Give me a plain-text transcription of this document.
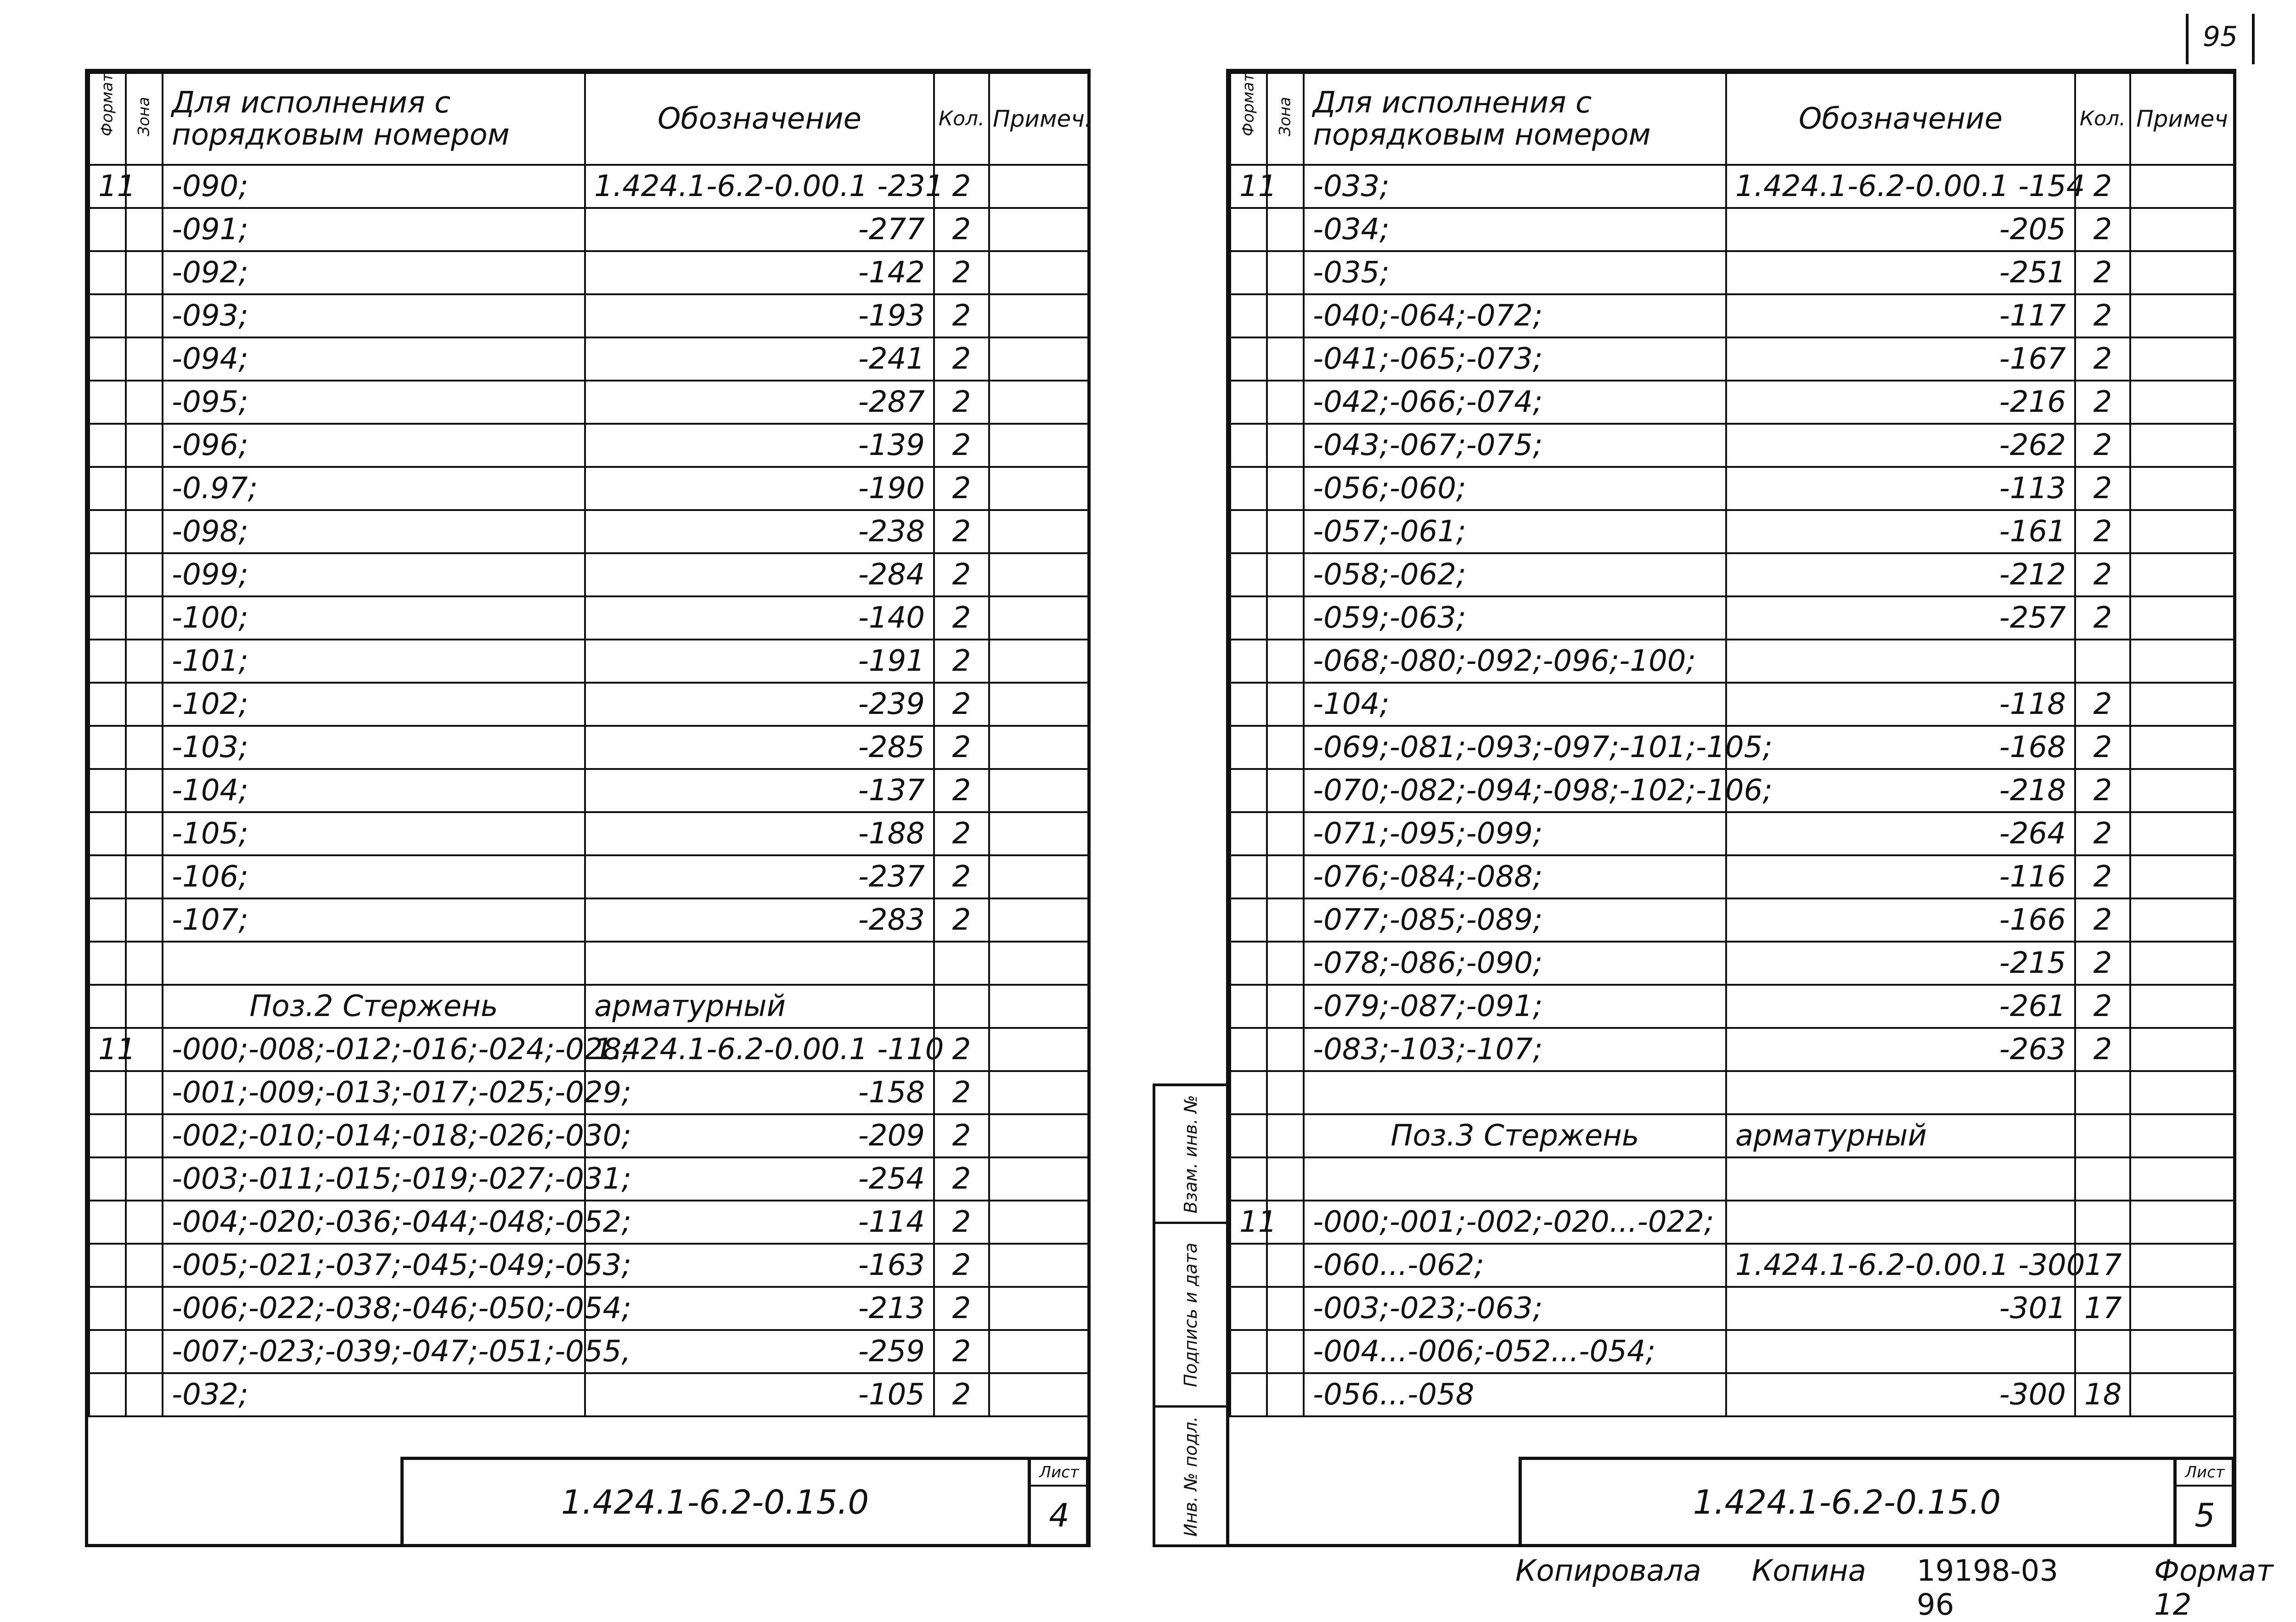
95
Формат	Зона	Для исполнения с порядковым номером	Обозначение	Кол.	Примеч.
11		-090;	1.424.1-6.2-0.00.1 -231	2	
		-091;	-277	2	
		-092;	-142	2	
		-093;	-193	2	
		-094;	-241	2	
		-095;	-287	2	
		-096;	-139	2	
		-0.97;	-190	2	
		-098;	-238	2	
		-099;	-284	2	
		-100;	-140	2	
		-101;	-191	2	
		-102;	-239	2	
		-103;	-285	2	
		-104;	-137	2	
		-105;	-188	2	
		-106;	-237	2	
		-107;	-283	2	

		Поз.2 Стержень	арматурный		
11		-000;-008;-012;-016;-024;-028;	1.424.1-6.2-0.00.1 -110	2	
		-001;-009;-013;-017;-025;-029;	-158	2	
		-002;-010;-014;-018;-026;-030;	-209	2	
		-003;-011;-015;-019;-027;-031;	-254	2	
		-004;-020;-036;-044;-048;-052;	-114	2	
		-005;-021;-037;-045;-049;-053;	-163	2	
		-006;-022;-038;-046;-050;-054;	-213	2	
		-007;-023;-039;-047;-051;-055,	-259	2	
		-032;	-105	2	
1.424.1-6.2-0.15.0
Лист
4
Взам. инв. №
Подпись и дата
Инв. № подл.
Формат	Зона	Для исполнения с порядковым номером	Обозначение	Кол.	Примеч
11		-033;	1.424.1-6.2-0.00.1 -154	2	
		-034;	-205	2	
		-035;	-251	2	
		-040;-064;-072;	-117	2	
		-041;-065;-073;	-167	2	
		-042;-066;-074;	-216	2	
		-043;-067;-075;	-262	2	
		-056;-060;	-113	2	
		-057;-061;	-161	2	
		-058;-062;	-212	2	
		-059;-063;	-257	2	
		-068;-080;-092;-096;-100;			
		-104;	-118	2	
		-069;-081;-093;-097;-101;-105;	-168	2	
		-070;-082;-094;-098;-102;-106;	-218	2	
		-071;-095;-099;	-264	2	
		-076;-084;-088;	-116	2	
		-077;-085;-089;	-166	2	
		-078;-086;-090;	-215	2	
		-079;-087;-091;	-261	2	
		-083;-103;-107;	-263	2	

		Поз.3 Стержень	арматурный		

11		-000;-001;-002;-020...-022;			
		-060...-062;	1.424.1-6.2-0.00.1 -300	17	
		-003;-023;-063;	-301	17	
		-004...-006;-052...-054;			
		-056...-058	-300	18	
1.424.1-6.2-0.15.0
Лист
5
Копировала Копина 19198-03 96
Формат 12
